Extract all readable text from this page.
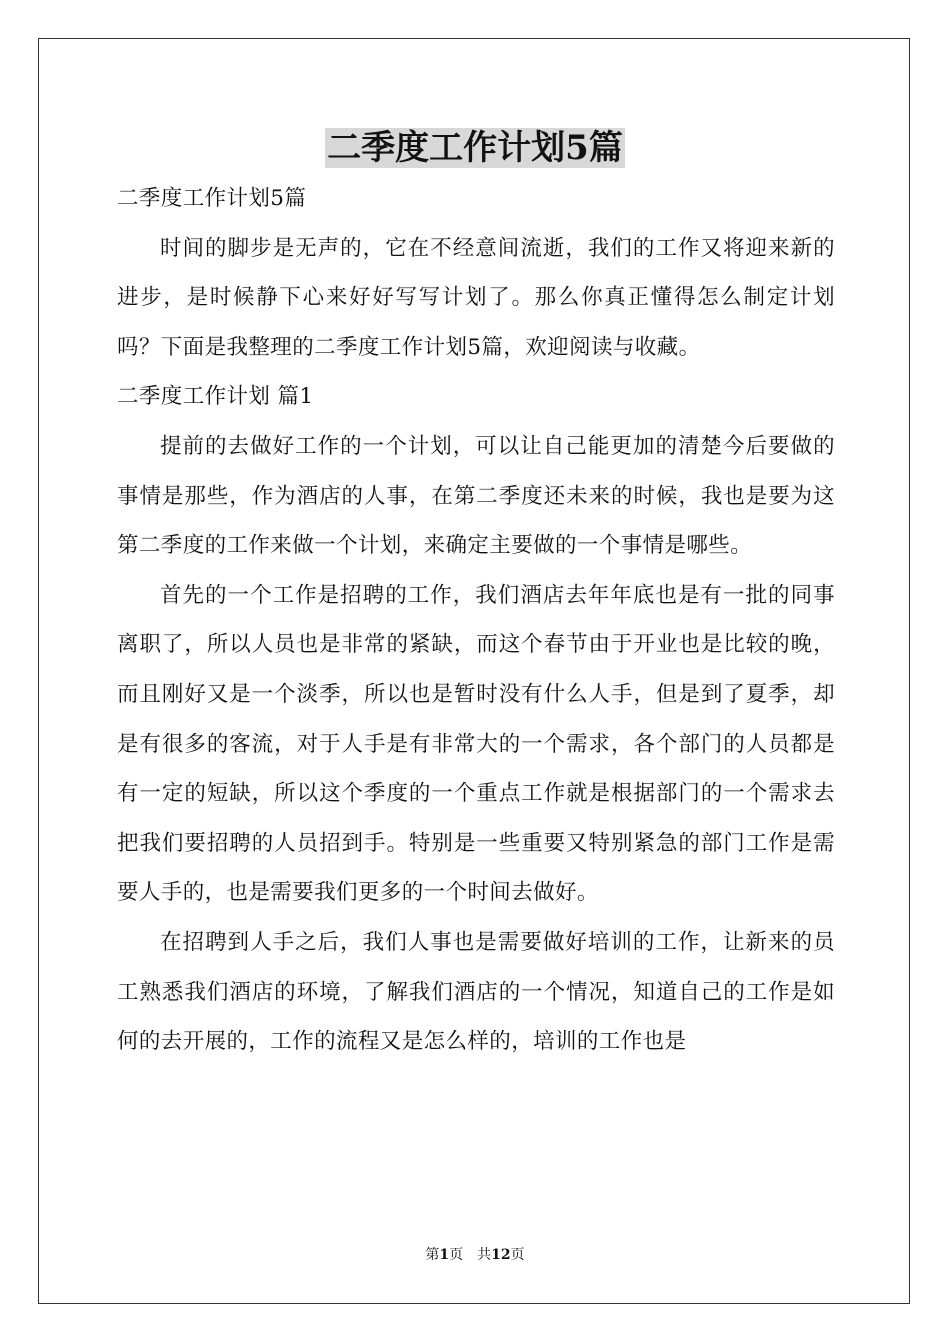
二季度工作计划5篇

二季度工作计划5篇

时间的脚步是无声的，它在不经意间流逝，我们的工作又将迎来新的进步，是时候静下心来好好写写计划了。那么你真正懂得怎么制定计划吗？下面是我整理的二季度工作计划5篇，欢迎阅读与收藏。

二季度工作计划 篇1

提前的去做好工作的一个计划，可以让自己能更加的清楚今后要做的事情是那些，作为酒店的人事，在第二季度还未来的时候，我也是要为这第二季度的工作来做一个计划，来确定主要做的一个事情是哪些。

首先的一个工作是招聘的工作，我们酒店去年年底也是有一批的同事离职了，所以人员也是非常的紧缺，而这个春节由于开业也是比较的晚，而且刚好又是一个淡季，所以也是暂时没有什么人手，但是到了夏季，却是有很多的客流，对于人手是有非常大的一个需求，各个部门的人员都是有一定的短缺，所以这个季度的一个重点工作就是根据部门的一个需求去把我们要招聘的人员招到手。特别是一些重要又特别紧急的部门工作是需要人手的，也是需要我们更多的一个时间去做好。

在招聘到人手之后，我们人事也是需要做好培训的工作，让新来的员工熟悉我们酒店的环境，了解我们酒店的一个情况，知道自己的工作是如何的去开展的，工作的流程又是怎么样的，培训的工作也是

第1页　共12页
